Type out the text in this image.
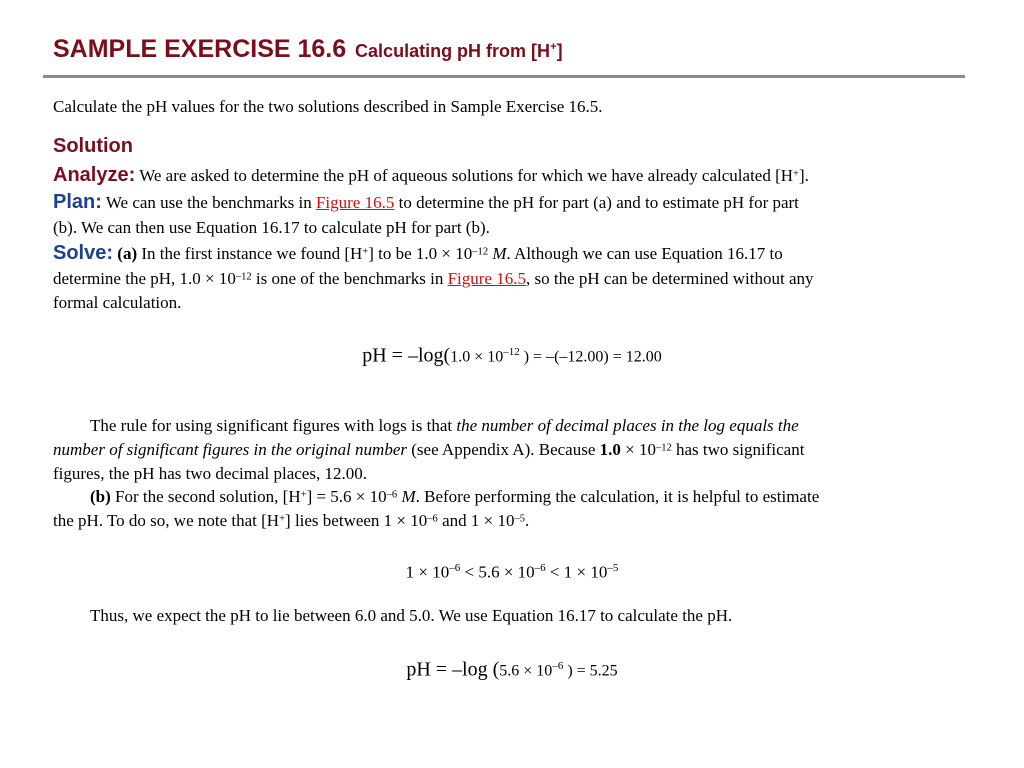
SAMPLE EXERCISE 16.6 Calculating pH from [H+]

Calculate the pH values for the two solutions described in Sample Exercise 16.5.

Solution

Analyze: We are asked to determine the pH of aqueous solutions for which we have already calculated [H+].

Plan: We can use the benchmarks in Figure 16.5 to determine the pH for part (a) and to estimate pH for part

(b). We can then use Equation 16.17 to calculate pH for part (b).

Solve: (a) In the first instance we found [H+] to be $1.0 \times 10^{-12}$ M. Although we can use Equation 16.17 to

determine the pH, $1.0 \times 10^{-12}$ is one of the benchmarks in Figure 16.5, so the pH can be determined without any

formal calculation.

pH = $-\log(1.0 \times 10^{-12}$ ) = –(–12.00) = 12.00

The rule for using significant figures with logs is that the number of decimal places in the log equals the

number of significant figures in the original number (see Appendix A). Because $1.0 \times 10^{-12}$ has two significant

figures, the pH has two decimal places, 12.00.

(b) For the second solution, $[H^+] = 5.6 \times 10^{-6}$ M. Before performing the calculation, it is helpful to estimate

the pH. To do so, we note that [H+] lies between $1 \times 10^{-6}$ and $1 \times 10^{-5}$.

$1 \times 10^{-6} < 5.6 \times 10^{-6} < 1 \times 10^{-5}$

Thus, we expect the pH to lie between 6.0 and 5.0. We use Equation 16.17 to calculate the pH.

pH = –log ($5.6 \times 10^{-6}$ ) = 5.25
